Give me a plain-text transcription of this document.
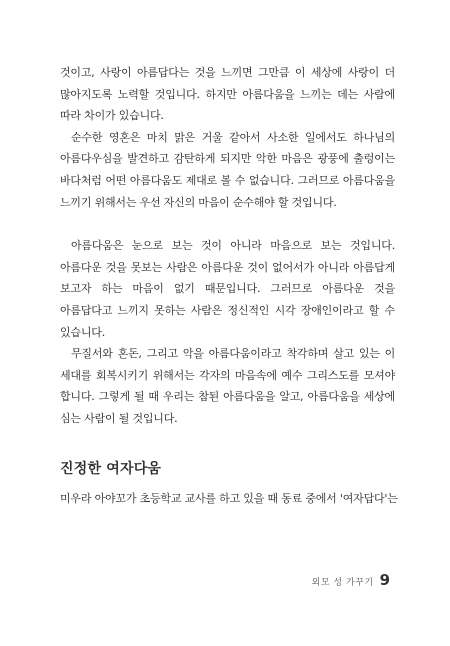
것이고, 사랑이 아름답다는 것을 느끼면 그만큼 이 세상에 사랑이 더 많아지도록 노력할 것입니다. 하지만 아름다움을 느끼는 데는 사람에 따라 차이가 있습니다.

순수한 영혼은 마치 맑은 거울 같아서 사소한 일에서도 하나님의 아름다우심을 발견하고 감탄하게 되지만 악한 마음은 광풍에 출렁이는 바다처럼 어떤 아름다움도 제대로 볼 수 없습니다. 그러므로 아름다움을 느끼기 위해서는 우선 자신의 마음이 순수해야 할 것입니다.

아름다움은 눈으로 보는 것이 아니라 마음으로 보는 것입니다. 아름다운 것을 못보는 사람은 아름다운 것이 없어서가 아니라 아름답게 보고자 하는 마음이 없기 때문입니다. 그러므로 아름다운 것을 아름답다고 느끼지 못하는 사람은 정신적인 시각 장애인이라고 할 수 있습니다.

무질서와 혼돈, 그리고 악을 아름다움이라고 착각하며 살고 있는 이 세대를 회복시키기 위해서는 각자의 마음속에 예수 그리스도를 모셔야 합니다. 그렇게 될 때 우리는 참된 아름다움을 알고, 아름다움을 세상에 심는 사람이 될 것입니다.

진정한 여자다움

미우라 아야꼬가 초등학교 교사를 하고 있을 때 동료 중에서 '여자답다'는

외모 성 가꾸기 9
